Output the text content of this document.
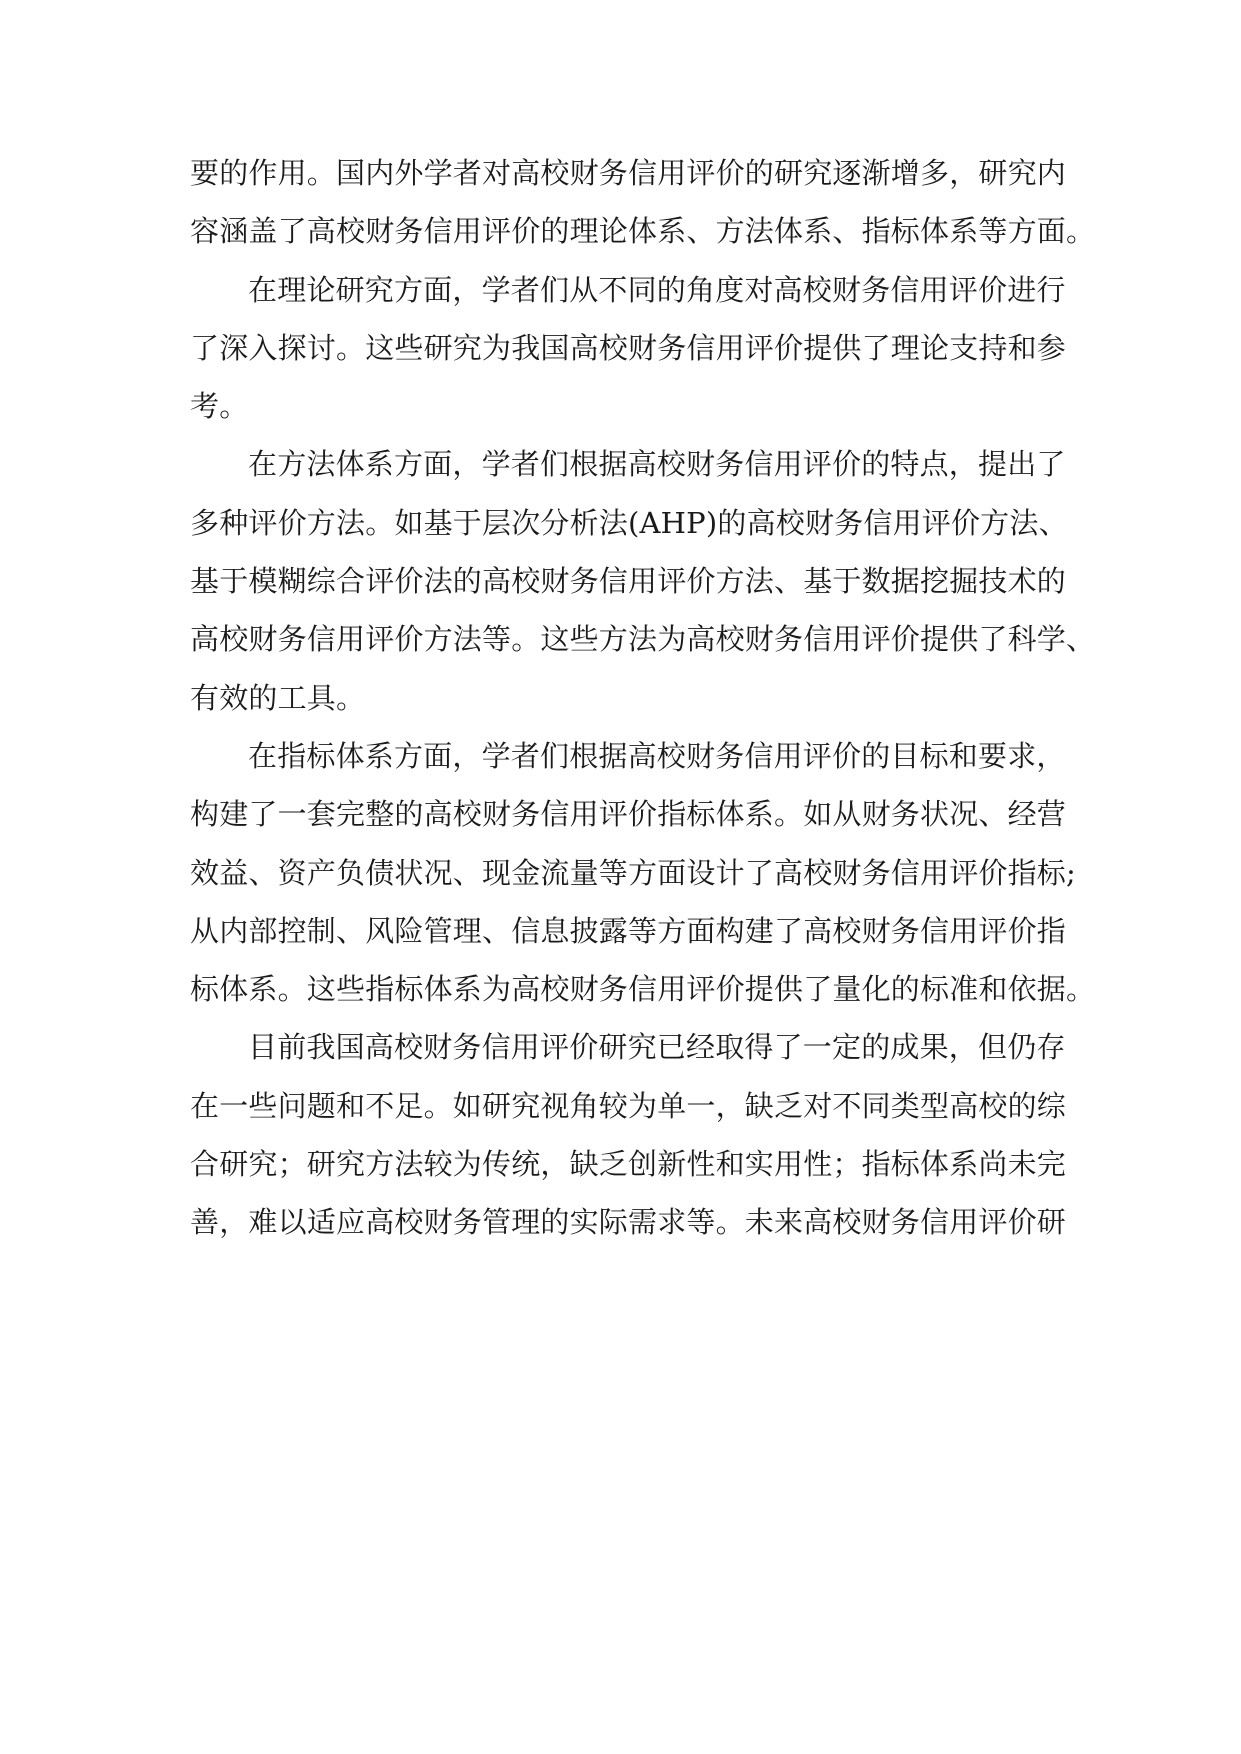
要的作用。国内外学者对高校财务信用评价的研究逐渐增多，研究内
容涵盖了高校财务信用评价的理论体系、方法体系、指标体系等方面。
在理论研究方面，学者们从不同的角度对高校财务信用评价进行
了深入探讨。这些研究为我国高校财务信用评价提供了理论支持和参
考。
在方法体系方面，学者们根据高校财务信用评价的特点，提出了
多种评价方法。如基于层次分析法(AHP)的高校财务信用评价方法、
基于模糊综合评价法的高校财务信用评价方法、基于数据挖掘技术的
高校财务信用评价方法等。这些方法为高校财务信用评价提供了科学、
有效的工具。
在指标体系方面，学者们根据高校财务信用评价的目标和要求，
构建了一套完整的高校财务信用评价指标体系。如从财务状况、经营
效益、资产负债状况、现金流量等方面设计了高校财务信用评价指标;
从内部控制、风险管理、信息披露等方面构建了高校财务信用评价指
标体系。这些指标体系为高校财务信用评价提供了量化的标准和依据。
目前我国高校财务信用评价研究已经取得了一定的成果，但仍存
在一些问题和不足。如研究视角较为单一，缺乏对不同类型高校的综
合研究；研究方法较为传统，缺乏创新性和实用性；指标体系尚未完
善，难以适应高校财务管理的实际需求等。未来高校财务信用评价研
